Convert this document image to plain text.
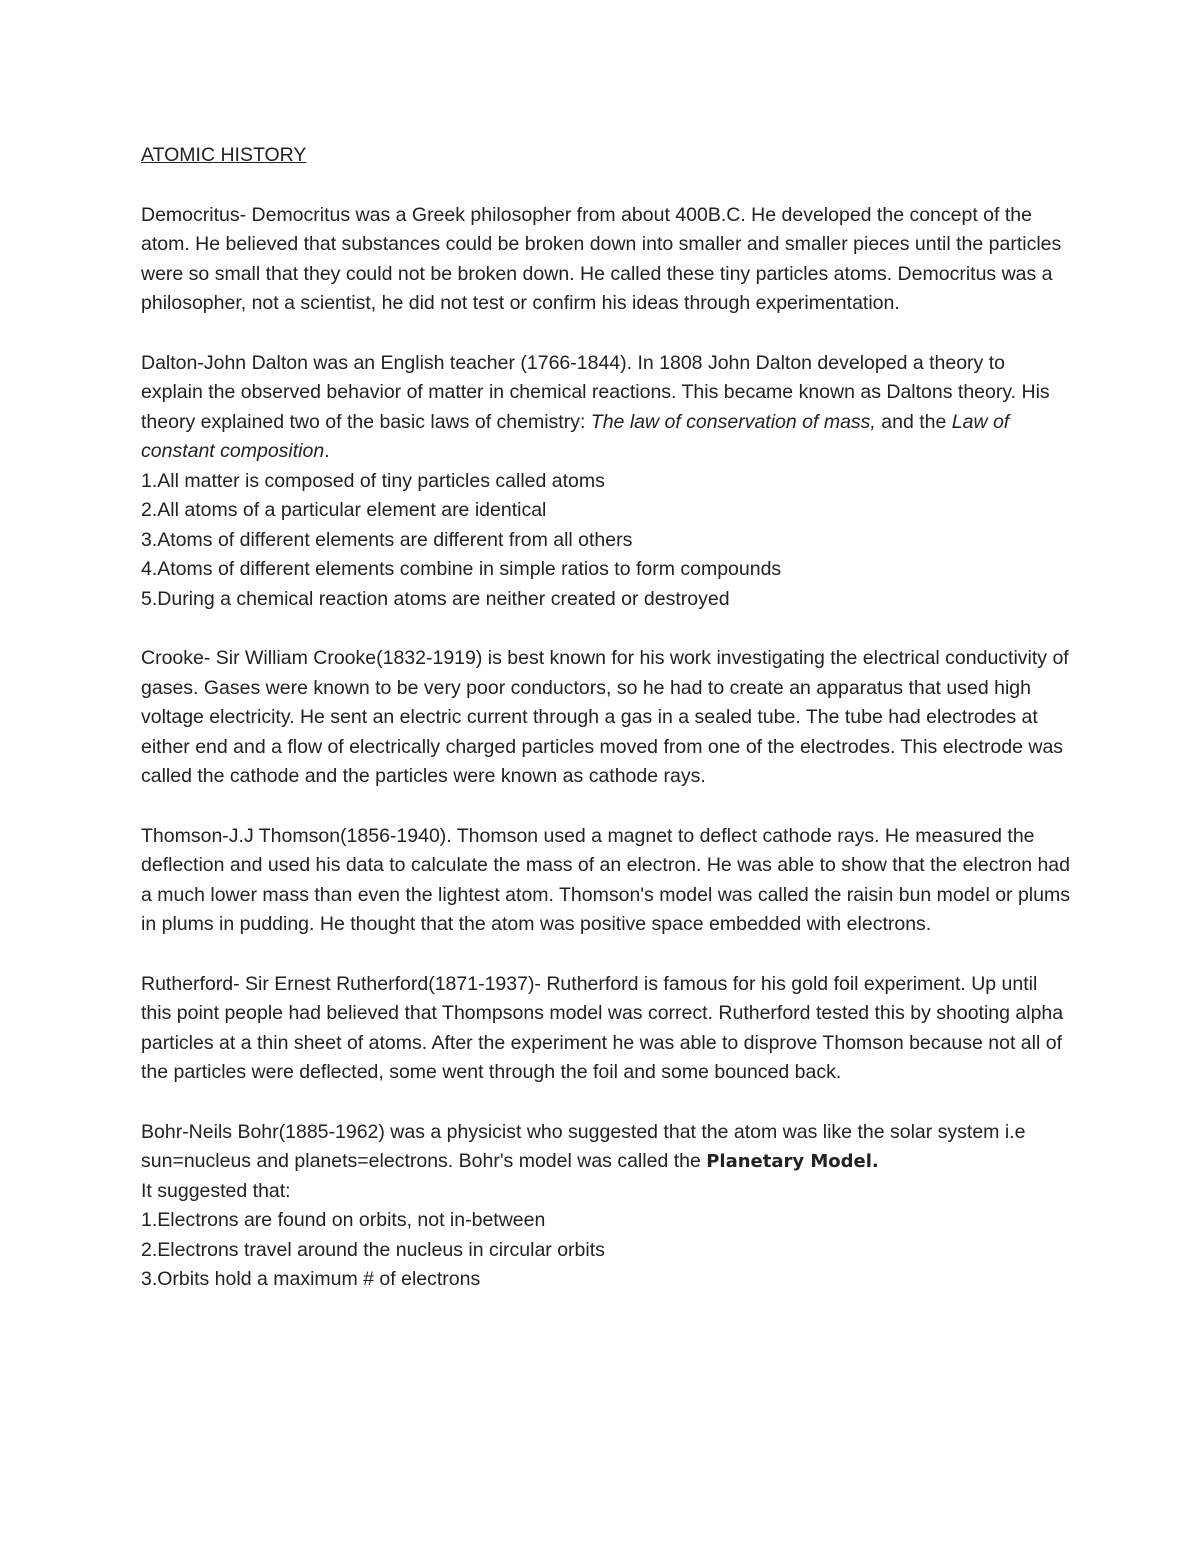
ATOMIC HISTORY

Democritus- Democritus was a Greek philosopher from about 400B.C. He developed the concept of the atom. He believed that substances could be broken down into smaller and smaller pieces until the particles were so small that they could not be broken down. He called these tiny particles atoms. Democritus was a philosopher, not a scientist, he did not test or confirm his ideas through experimentation.

Dalton-John Dalton was an English teacher (1766-1844). In 1808 John Dalton developed a theory to explain the observed behavior of matter in chemical reactions. This became known as Daltons theory. His theory explained two of the basic laws of chemistry: The law of conservation of mass, and the Law of constant composition.

1.All matter is composed of tiny particles called atoms
2.All atoms of a particular element are identical
3.Atoms of different elements are different from all others
4.Atoms of different elements combine in simple ratios to form compounds
5.During a chemical reaction atoms are neither created or destroyed

Crooke- Sir William Crooke(1832-1919) is best known for his work investigating the electrical conductivity of gases. Gases were known to be very poor conductors, so he had to create an apparatus that used high voltage electricity. He sent an electric current through a gas in a sealed tube. The tube had electrodes at either end and a flow of electrically charged particles moved from one of the electrodes. This electrode was called the cathode and the particles were known as cathode rays.

Thomson-J.J Thomson(1856-1940). Thomson used a magnet to deflect cathode rays. He measured the deflection and used his data to calculate the mass of an electron. He was able to show that the electron had a much lower mass than even the lightest atom. Thomson's model was called the raisin bun model or plums in plums in pudding. He thought that the atom was positive space embedded with electrons.

Rutherford- Sir Ernest Rutherford(1871-1937)- Rutherford is famous for his gold foil experiment. Up until this point people had believed that Thompsons model was correct. Rutherford tested this by shooting alpha particles at a thin sheet of atoms. After the experiment he was able to disprove Thomson because not all of the particles were deflected, some went through the foil and some bounced back.

Bohr-Neils Bohr(1885-1962) was a physicist who suggested that the atom was like the solar system i.e sun=nucleus and planets=electrons. Bohr's model was called the Planetary Model.
It suggested that:

1.Electrons are found on orbits, not in-between
2.Electrons travel around the nucleus in circular orbits
3.Orbits hold a maximum # of electrons
